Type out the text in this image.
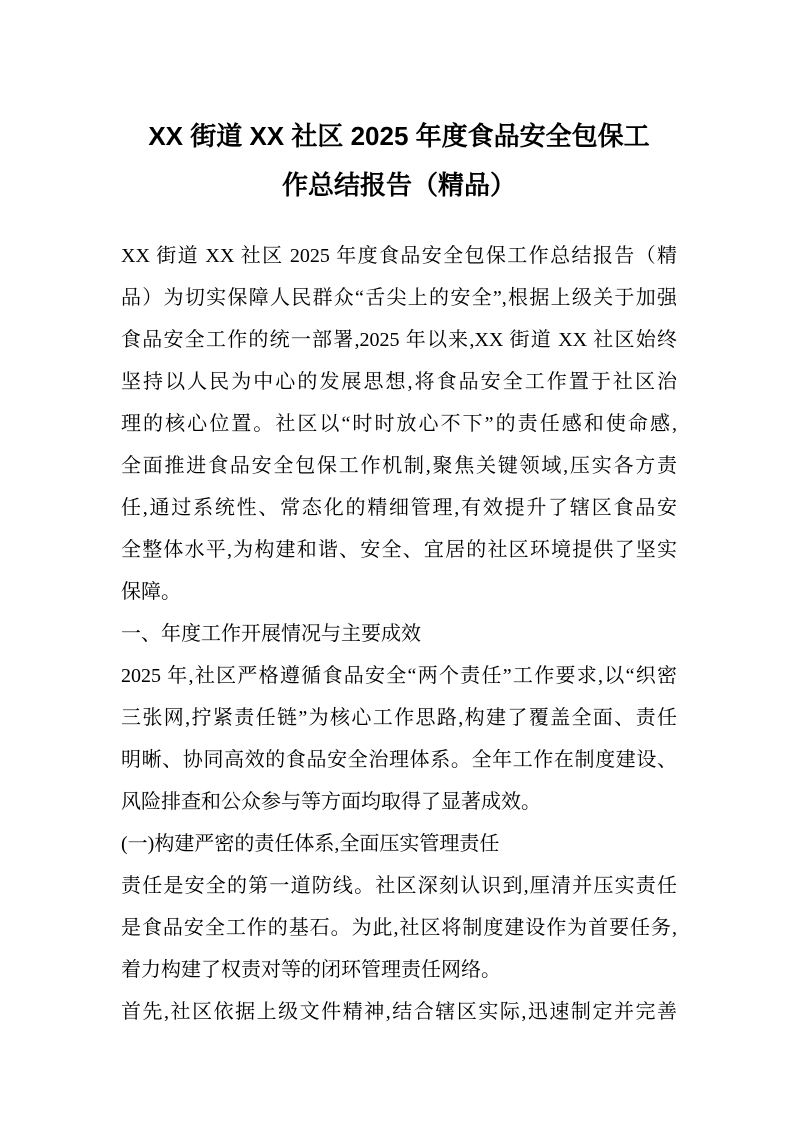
XX 街道 XX 社区 2025 年度食品安全包保工
作总结报告（精品）
XX 街道 XX 社区 2025 年度食品安全包保工作总结报告（精
品）为切实保障人民群众“舌尖上的安全”,根据上级关于加强
食品安全工作的统一部署,2025 年以来,XX 街道 XX 社区始终
坚持以人民为中心的发展思想,将食品安全工作置于社区治
理的核心位置。社区以“时时放心不下”的责任感和使命感,
全面推进食品安全包保工作机制,聚焦关键领域,压实各方责
任,通过系统性、常态化的精细管理,有效提升了辖区食品安
全整体水平,为构建和谐、安全、宜居的社区环境提供了坚实
保障。
一、年度工作开展情况与主要成效
2025 年,社区严格遵循食品安全“两个责任”工作要求,以“织密
三张网,拧紧责任链”为核心工作思路,构建了覆盖全面、责任
明晰、协同高效的食品安全治理体系。全年工作在制度建设、
风险排查和公众参与等方面均取得了显著成效。
(一)构建严密的责任体系,全面压实管理责任
责任是安全的第一道防线。社区深刻认识到,厘清并压实责任
是食品安全工作的基石。为此,社区将制度建设作为首要任务,
着力构建了权责对等的闭环管理责任网络。
首先,社区依据上级文件精神,结合辖区实际,迅速制定并完善
